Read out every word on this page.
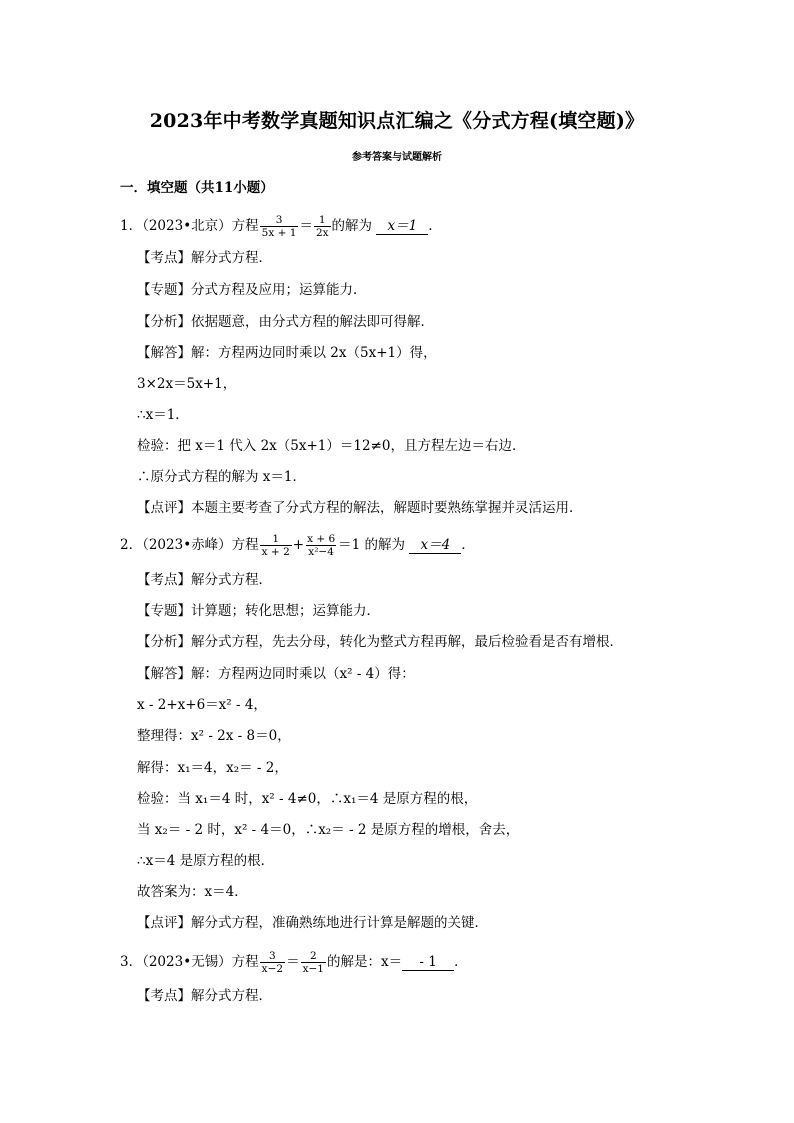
2023年中考数学真题知识点汇编之《分式方程(填空题)》
参考答案与试题解析
一．填空题（共11小题）
1．（2023•北京）方程 $\frac{3}{5x + 1} = \frac{1}{2x}$ 的解为 x＝1 ．
【考点】解分式方程．
【专题】分式方程及应用；运算能力．
【分析】依据题意，由分式方程的解法即可得解．
【解答】解：方程两边同时乘以 2x（5x+1）得，
3×2x＝5x+1，
∴x＝1．
检验：把 x＝1 代入 2x（5x+1）＝12≠0，且方程左边＝右边．
∴原分式方程的解为 x＝1．
【点评】本题主要考查了分式方程的解法，解题时要熟练掌握并灵活运用．
2．（2023•赤峰）方程 $\frac{1}{x + 2} + \frac{x + 6}{\text{x²−4}} =1$ 的解为 x＝4 ．
【考点】解分式方程．
【专题】计算题；转化思想；运算能力．
【分析】解分式方程，先去分母，转化为整式方程再解，最后检验看是否有增根．
【解答】解：方程两边同时乘以（x² - 4）得：
x - 2+x+6＝x² - 4，
整理得：x² - 2x - 8＝0，
解得：x₁＝4，x₂＝ - 2，
检验：当 x₁＝4 时，x² - 4≠0，∴x₁＝4 是原方程的根，
当 x₂＝ - 2 时，x² - 4＝0，∴x₂＝ - 2 是原方程的增根，舍去，
∴x＝4 是原方程的根．
故答案为：x＝4．
【点评】解分式方程，准确熟练地进行计算是解题的关键．
3．（2023•无锡）方程 $\frac{3}{x-2} = \frac{2}{x-1}$ 的解是：x＝ - 1 ．
【考点】解分式方程．
